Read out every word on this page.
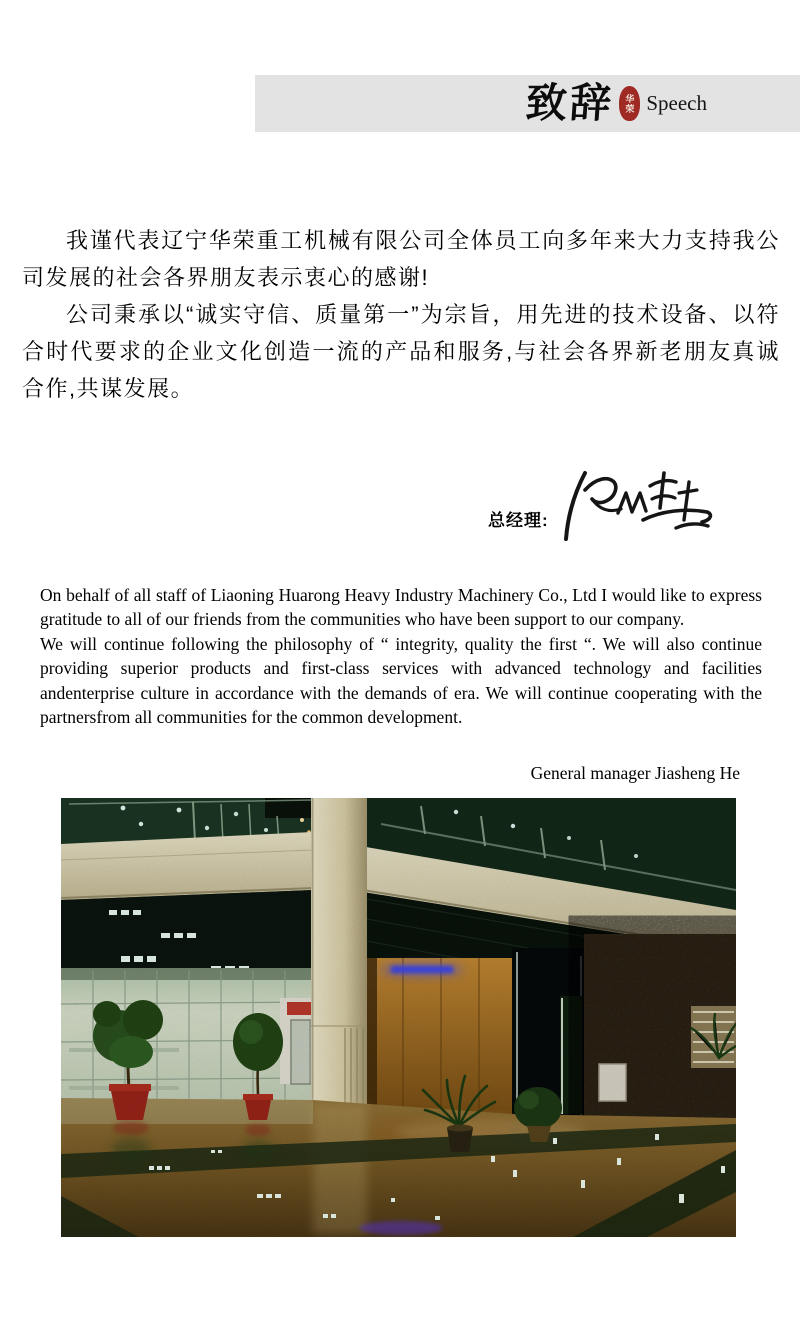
致辞 华
荣 Speech

我谨代表辽宁华荣重工机械有限公司全体员工向多年来大力支持我公司发展的社会各界朋友表示衷心的感谢!

公司秉承以“诚实守信、质量第一”为宗旨，用先进的技术设备、以符合时代要求的企业文化创造一流的产品和服务,与社会各界新老朋友真诚合作,共谋发展。

总经理:

On behalf of all staff of Liaoning Huarong Heavy Industry Machinery Co., Ltd I would like to express gratitude to all of our friends from the communities who have been support to our company.

We will continue following the philosophy of “ integrity, quality the first “. We will also continue providing superior products and first-class services with advanced technology and facilities andenterprise culture in accordance with the demands of era. We will continue cooperating with the partnersfrom all communities for the common development.

General manager Jiasheng He
